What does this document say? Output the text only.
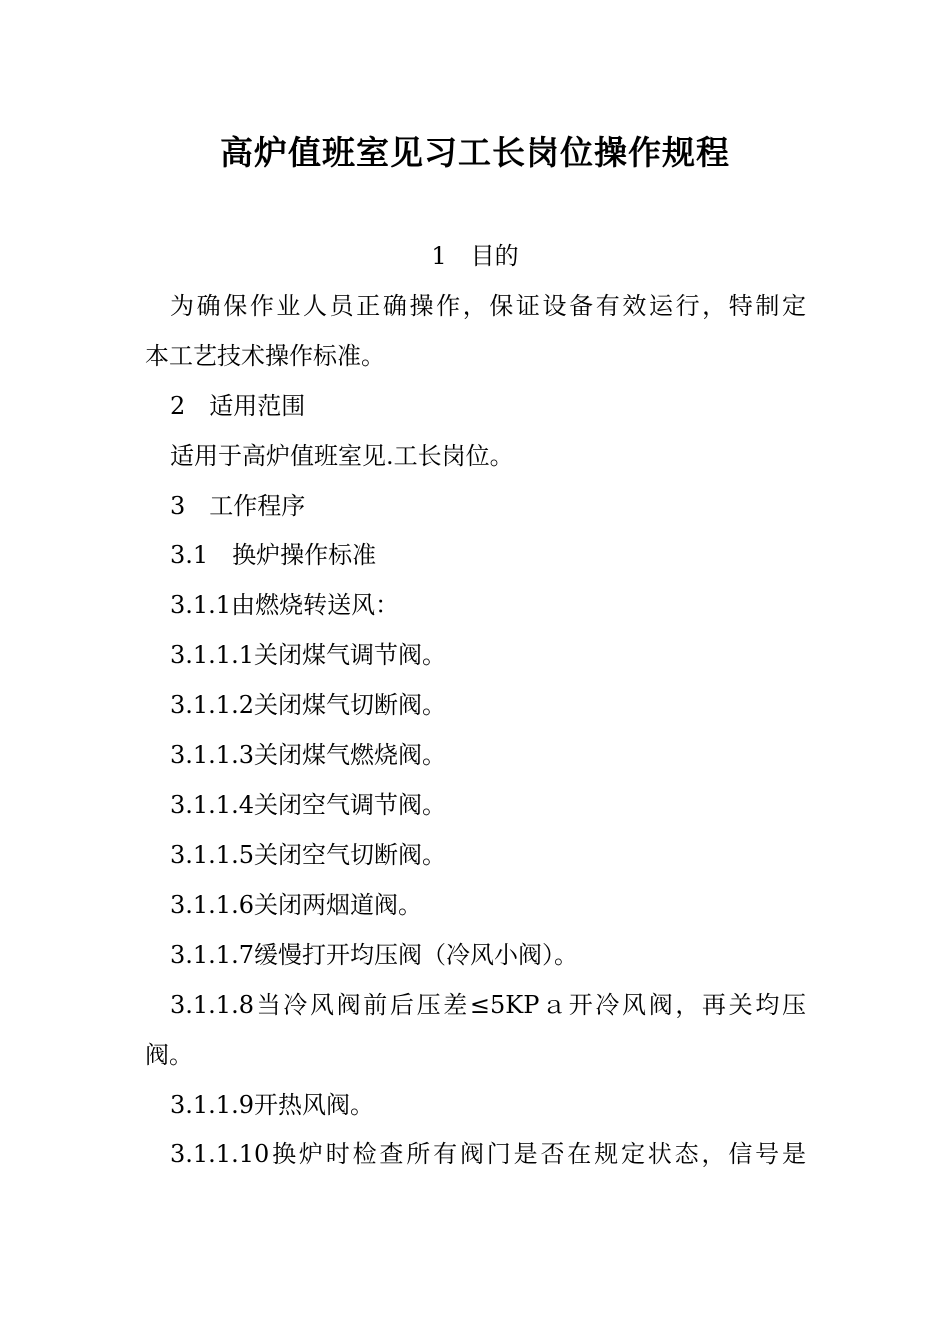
高炉值班室见习工长岗位操作规程
1　目的
为确保作业人员正确操作，保证设备有效运行，特制定
本工艺技术操作标准。
2　适用范围
适用于高炉值班室见.工长岗位。
3　工作程序
3.1　换炉操作标准
3.1.1由燃烧转送风：
3.1.1.1关闭煤气调节阀。
3.1.1.2关闭煤气切断阀。
3.1.1.3关闭煤气燃烧阀。
3.1.1.4关闭空气调节阀。
3.1.1.5关闭空气切断阀。
3.1.1.6关闭两烟道阀。
3.1.1.7缓慢打开均压阀（冷风小阀）。
3.1.1.8当冷风阀前后压差≤5KPａ开冷风阀，再关均压
阀。
3.1.1.9开热风阀。
3.1.1.10换炉时检查所有阀门是否在规定状态，信号是
